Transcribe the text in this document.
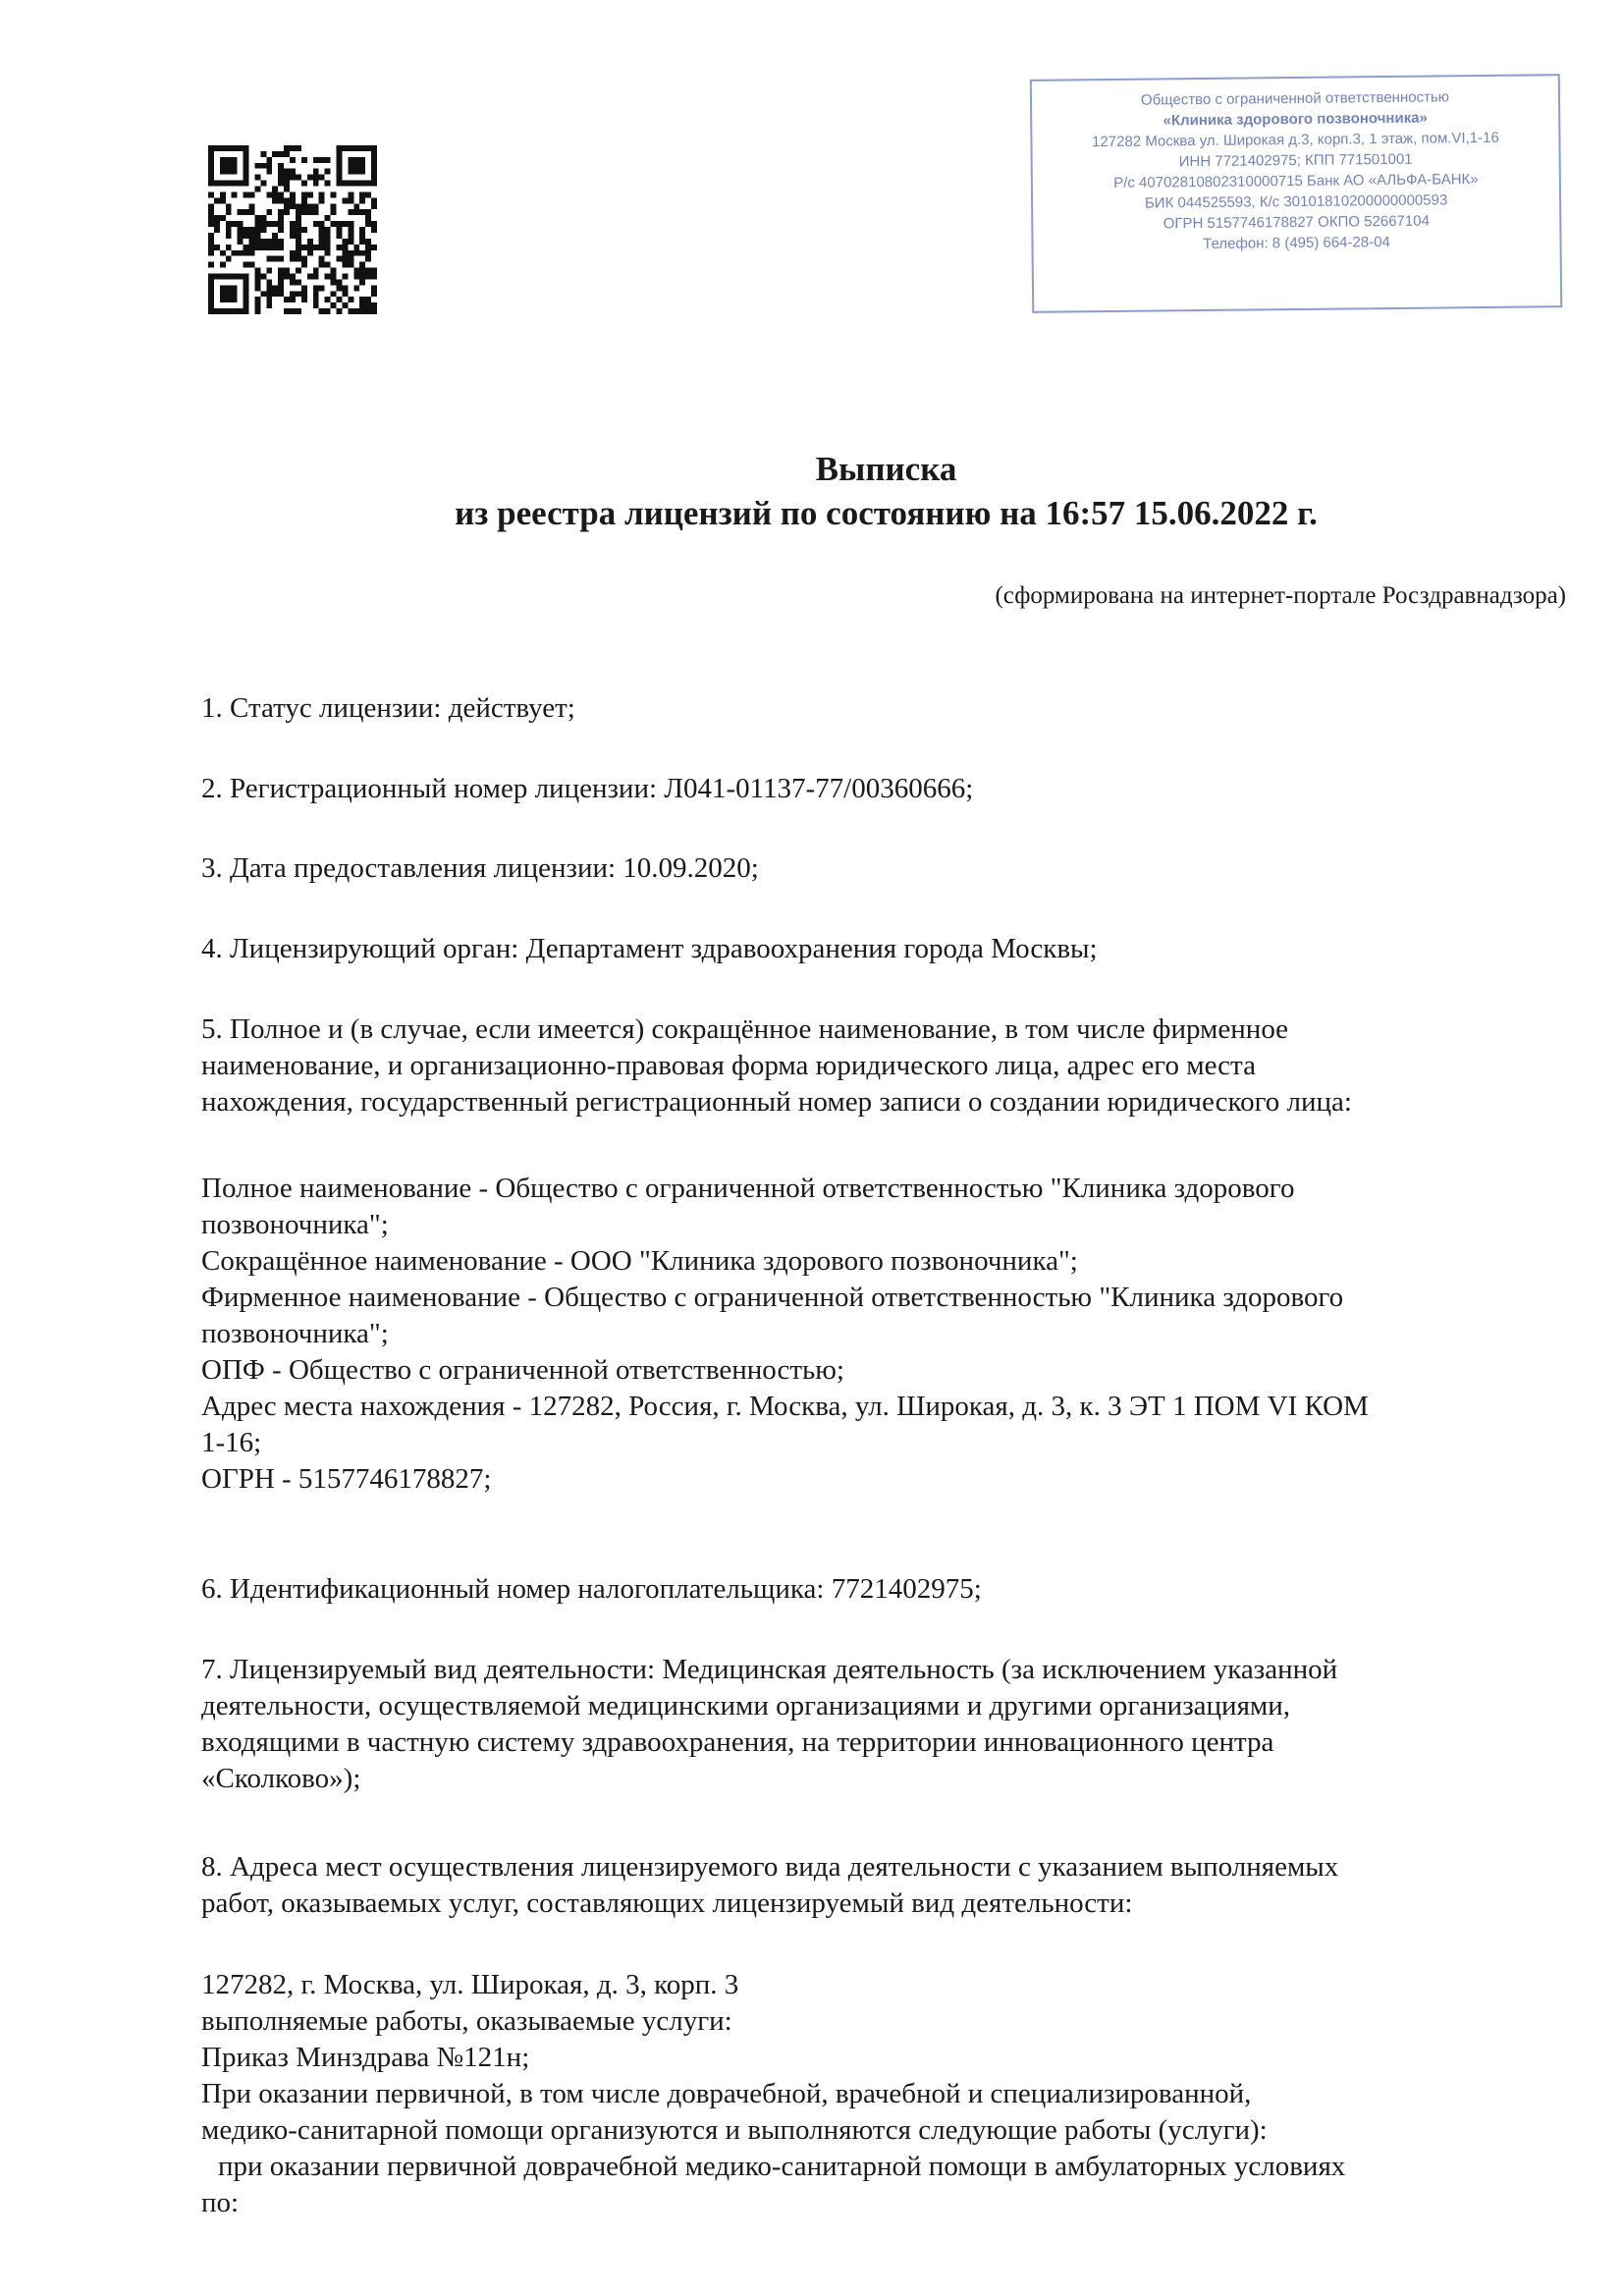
Общество с ограниченной ответственностью
«Клиника здорового позвоночника»
127282 Москва ул. Широкая д.3, корп.3, 1 этаж, пом.VI,1-16
ИНН 7721402975; КПП 771501001
Р/с 40702810802310000715 Банк АО «АЛЬФА-БАНК»
БИК 044525593, К/с 30101810200000000593
ОГРН 5157746178827 ОКПО 52667104
Телефон: 8 (495) 664-28-04
Выписка
из реестра лицензий по состоянию на 16:57 15.06.2022 г.
(сформирована на интернет-портале Росздравнадзора)
1. Статус лицензии: действует;
2. Регистрационный номер лицензии: Л041-01137-77/00360666;
3. Дата предоставления лицензии: 10.09.2020;
4. Лицензирующий орган: Департамент здравоохранения города Москвы;
5. Полное и (в случае, если имеется) сокращённое наименование, в том числе фирменное
наименование, и организационно-правовая форма юридического лица, адрес его места
нахождения, государственный регистрационный номер записи о создании юридического лица:
Полное наименование - Общество с ограниченной ответственностью "Клиника здорового
позвоночника";
Сокращённое наименование - ООО "Клиника здорового позвоночника";
Фирменное наименование - Общество с ограниченной ответственностью "Клиника здорового
позвоночника";
ОПФ - Общество с ограниченной ответственностью;
Адрес места нахождения - 127282, Россия, г. Москва, ул. Широкая, д. 3, к. 3 ЭТ 1 ПОМ VI КОМ
1-16;
ОГРН - 5157746178827;
6. Идентификационный номер налогоплательщика: 7721402975;
7. Лицензируемый вид деятельности: Медицинская деятельность (за исключением указанной
деятельности, осуществляемой медицинскими организациями и другими организациями,
входящими в частную систему здравоохранения, на территории инновационного центра
«Сколково»);
8. Адреса мест осуществления лицензируемого вида деятельности с указанием выполняемых
работ, оказываемых услуг, составляющих лицензируемый вид деятельности:
127282, г. Москва, ул. Широкая, д. 3, корп. 3
выполняемые работы, оказываемые услуги:
Приказ Минздрава №121н;
При оказании первичной, в том числе доврачебной, врачебной и специализированной,
медико-санитарной помощи организуются и выполняются следующие работы (услуги):
при оказании первичной доврачебной медико-санитарной помощи в амбулаторных условиях
по:
